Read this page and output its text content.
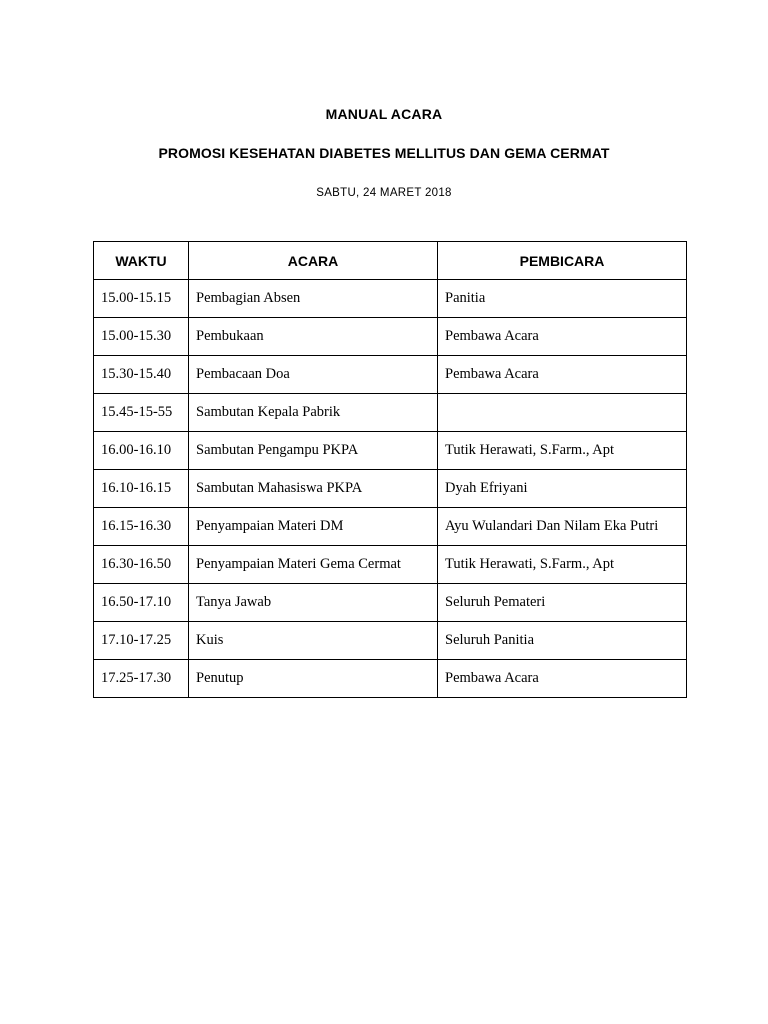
MANUAL ACARA
PROMOSI KESEHATAN DIABETES MELLITUS DAN GEMA CERMAT
SABTU, 24 MARET 2018
WAKTU	ACARA	PEMBICARA
15.00-15.15	Pembagian Absen	Panitia
15.00-15.30	Pembukaan	Pembawa Acara
15.30-15.40	Pembacaan Doa	Pembawa Acara
15.45-15-55	Sambutan Kepala Pabrik	
16.00-16.10	Sambutan Pengampu PKPA	Tutik Herawati, S.Farm., Apt
16.10-16.15	Sambutan Mahasiswa PKPA	Dyah Efriyani
16.15-16.30	Penyampaian Materi DM	Ayu Wulandari Dan Nilam Eka Putri
16.30-16.50	Penyampaian Materi Gema Cermat	Tutik Herawati, S.Farm., Apt
16.50-17.10	Tanya Jawab	Seluruh Pemateri
17.10-17.25	Kuis	Seluruh Panitia
17.25-17.30	Penutup	Pembawa Acara
